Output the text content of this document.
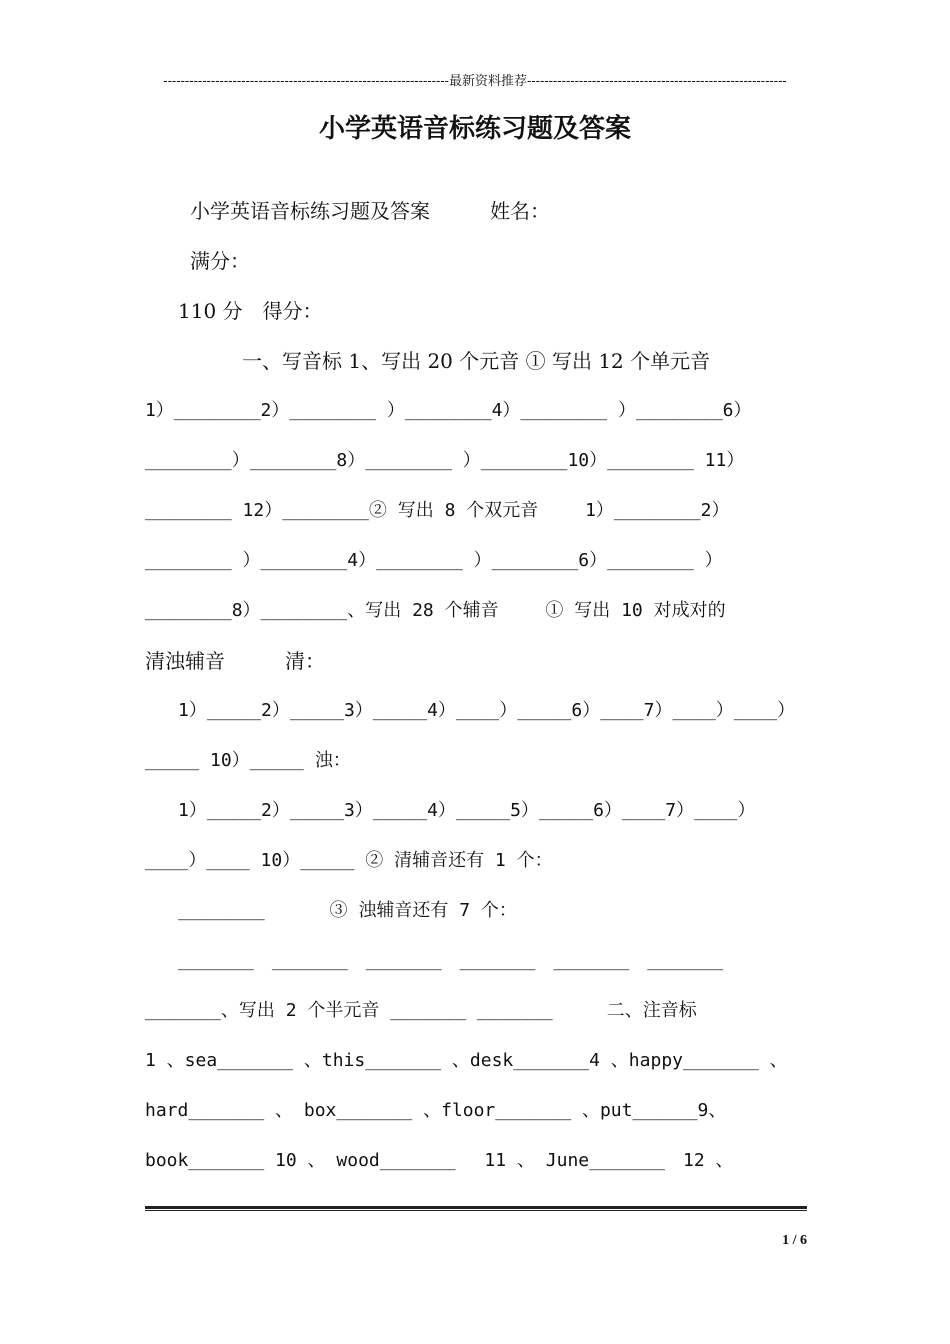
------------------------------------------------------------------最新资料推荐------------------------------------------------------------
小学英语音标练习题及答案
小学英语音标练习题及答案　　　姓名：
满分：
110 分　得分：
一、写音标 1、写出 20 个元音 ① 写出 12 个单元音
1）________2）________ ）________4）________ ）________6）
________）________8）________ ）________10）________ 11）
________ 12）________② 写出 8 个双元音　　 1）________2）
________ ）________4）________ ）________6）________ ）
________8）________、写出 28 个辅音　　 ① 写出 10 对成对的
清浊辅音　　　清：
1）_____2）_____3）_____4）____）_____6）____7）____）____）
_____ 10）_____ 浊：
1）_____2）_____3）_____4）_____5）_____6）____7）____）
____）____ 10）_____ ② 清辅音还有 1 个：
________　　　 ③ 浊辅音还有 7 个：
_______　_______　_______　_______　_______　_______
_______、写出 2 个半元音 _______ _______　　　二、注音标
1 、sea_______ 、this_______ 、desk_______4 、happy_______ 、
hard_______ 、 box_______ 、floor_______ 、put______9、
book_______ 10 、 wood_______　 11 、 June_______　12 、
1 / 6
